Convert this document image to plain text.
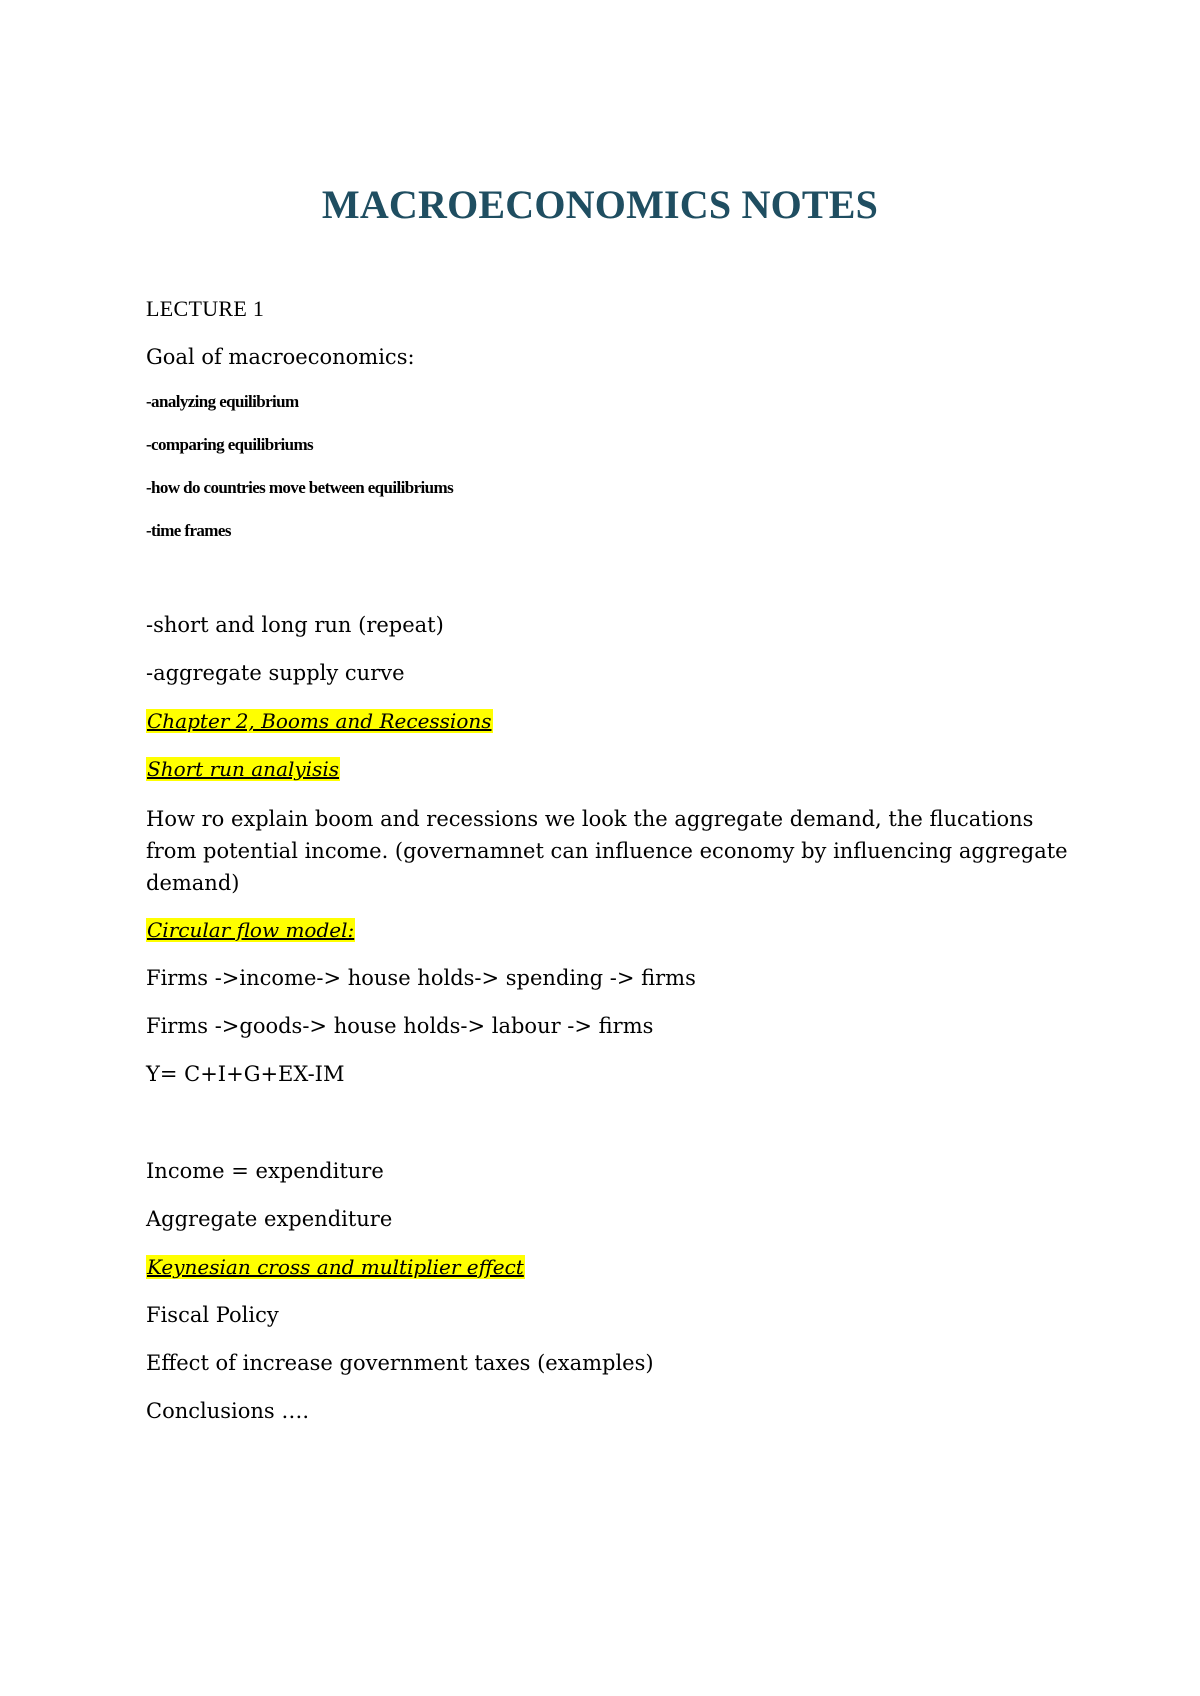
MACROECONOMICS NOTES
LECTURE 1
Goal of macroeconomics:
-analyzing equilibrium
-comparing equilibriums
-how do countries move between equilibriums
-time frames
-short and long run (repeat)
-aggregate supply curve
Chapter 2, Booms and Recessions
Short run analyisis
How ro explain boom and recessions we look the aggregate demand, the flucations from potential income. (governamnet can influence economy by influencing aggregate demand)
Circular flow model:
Firms ->income-> house holds-> spending -> firms
Firms ->goods-> house holds-> labour -> firms
Y= C+I+G+EX-IM
Income = expenditure
Aggregate expenditure
Keynesian cross and multiplier effect
Fiscal Policy
Effect of increase government taxes (examples)
Conclusions ….
